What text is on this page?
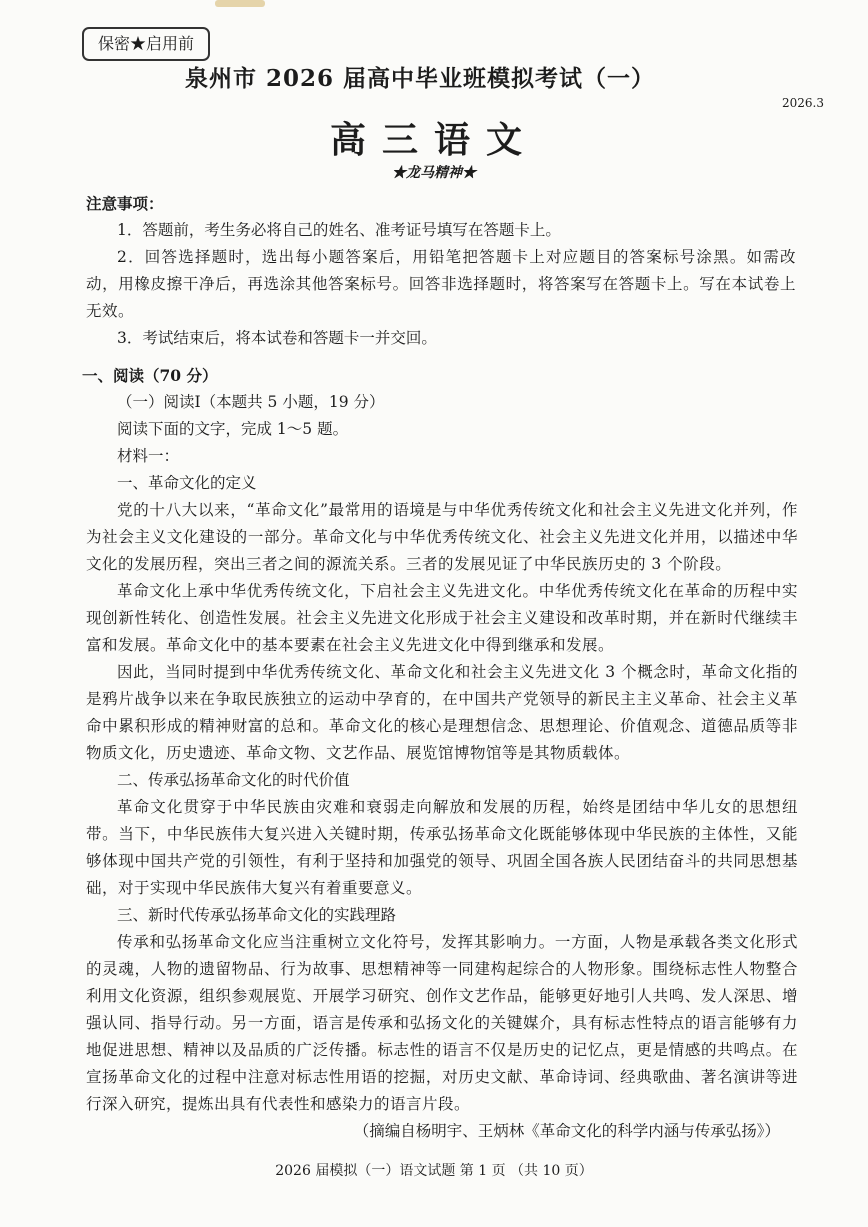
保密★启用前
泉州市 2026 届高中毕业班模拟考试（一）
2026.3
高三语文
★龙马精神★

注意事项：

1．答题前，考生务必将自己的姓名、准考证号填写在答题卡上。

2．回答选择题时，选出每小题答案后，用铅笔把答题卡上对应题目的答案标号涂黑。如需改动，用橡皮擦干净后，再选涂其他答案标号。回答非选择题时，将答案写在答题卡上。写在本试卷上无效。

3．考试结束后，将本试卷和答题卡一并交回。

一、阅读（70 分）

（一）阅读Ⅰ（本题共 5 小题，19 分）

阅读下面的文字，完成 1～5 题。

材料一：

一、革命文化的定义

党的十八大以来，“革命文化”最常用的语境是与中华优秀传统文化和社会主义先进文化并列，作为社会主义文化建设的一部分。革命文化与中华优秀传统文化、社会主义先进文化并用，以描述中华文化的发展历程，突出三者之间的源流关系。三者的发展见证了中华民族历史的 3 个阶段。

革命文化上承中华优秀传统文化，下启社会主义先进文化。中华优秀传统文化在革命的历程中实现创新性转化、创造性发展。社会主义先进文化形成于社会主义建设和改革时期，并在新时代继续丰富和发展。革命文化中的基本要素在社会主义先进文化中得到继承和发展。

因此，当同时提到中华优秀传统文化、革命文化和社会主义先进文化 3 个概念时，革命文化指的是鸦片战争以来在争取民族独立的运动中孕育的，在中国共产党领导的新民主主义革命、社会主义革命中累积形成的精神财富的总和。革命文化的核心是理想信念、思想理论、价值观念、道德品质等非物质文化，历史遗迹、革命文物、文艺作品、展览馆博物馆等是其物质载体。

二、传承弘扬革命文化的时代价值

革命文化贯穿于中华民族由灾难和衰弱走向解放和发展的历程，始终是团结中华儿女的思想纽带。当下，中华民族伟大复兴进入关键时期，传承弘扬革命文化既能够体现中华民族的主体性，又能够体现中国共产党的引领性，有利于坚持和加强党的领导、巩固全国各族人民团结奋斗的共同思想基础，对于实现中华民族伟大复兴有着重要意义。

三、新时代传承弘扬革命文化的实践理路

传承和弘扬革命文化应当注重树立文化符号，发挥其影响力。一方面，人物是承载各类文化形式的灵魂，人物的遗留物品、行为故事、思想精神等一同建构起综合的人物形象。围绕标志性人物整合利用文化资源，组织参观展览、开展学习研究、创作文艺作品，能够更好地引人共鸣、发人深思、增强认同、指导行动。另一方面，语言是传承和弘扬文化的关键媒介，具有标志性特点的语言能够有力地促进思想、精神以及品质的广泛传播。标志性的语言不仅是历史的记忆点，更是情感的共鸣点。在宣扬革命文化的过程中注意对标志性用语的挖掘，对历史文献、革命诗词、经典歌曲、著名演讲等进行深入研究，提炼出具有代表性和感染力的语言片段。

（摘编自杨明宇、王炳林《革命文化的科学内涵与传承弘扬》）

2026 届模拟（一）语文试题 第 1 页 （共 10 页）
